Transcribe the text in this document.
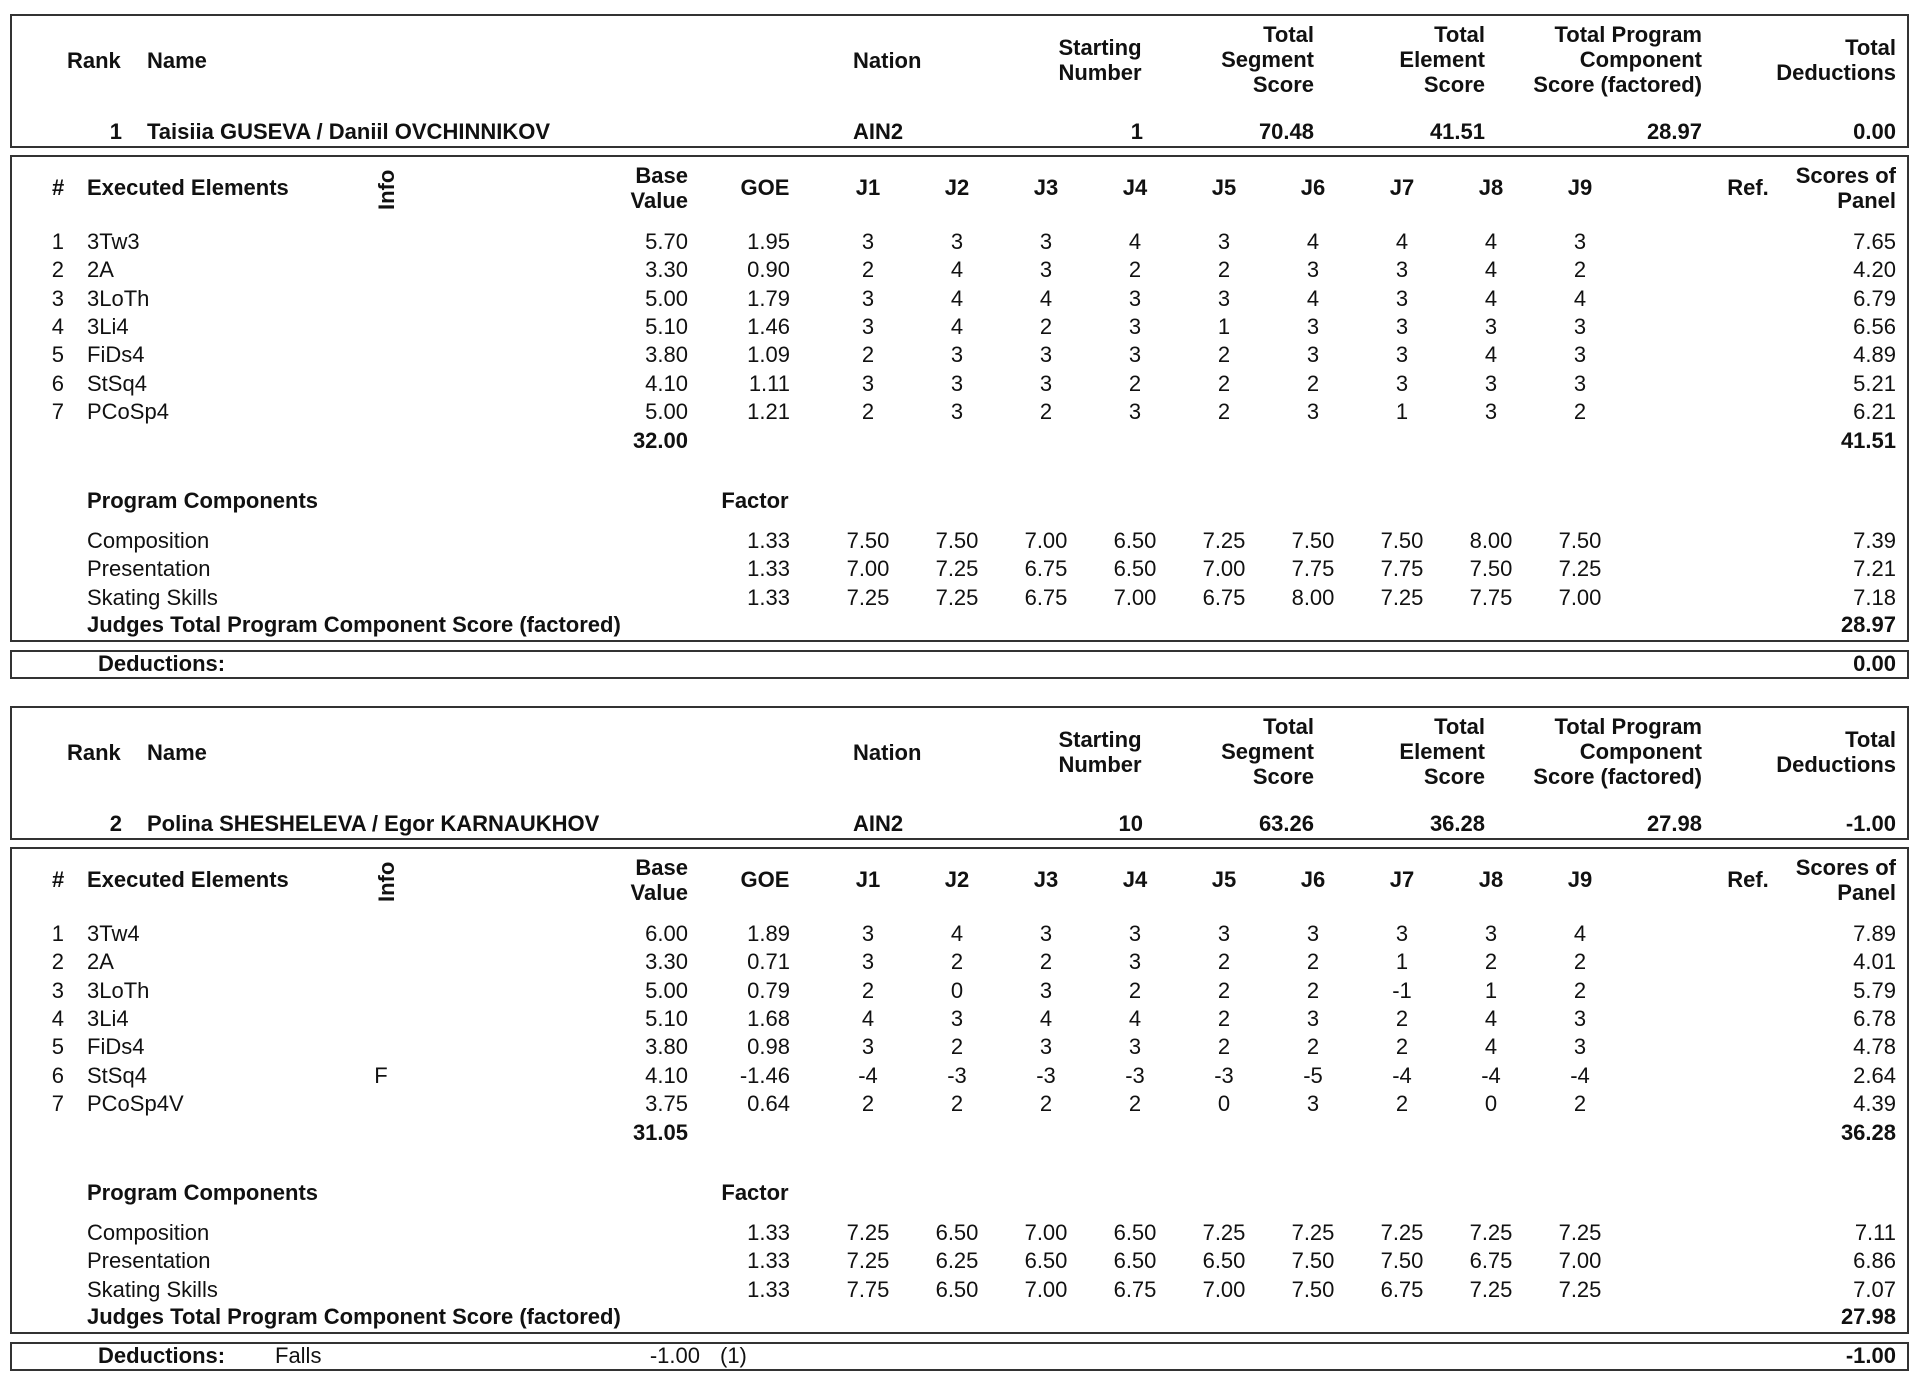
Rank Name	Nation
Starting
Number
Total
Segment
Score
Total
Element
Score
Total Program
Component
Score (factored)
Total
Deductions
1 Taisiia GUSEVA / Daniil OVCHINNIKOV	AIN2	1	70.48	41.51	28.97	0.00
# Executed Elements	Info	Base
Value
GOE	J1	J2	J3	J4	J5	J6	J7	J8	J9	Ref.	Scores of
Panel
1 3Tw3	5.70	1.95	3	3	3	4	3	4	4	4	3	7.65
2 2A	3.30	0.90	2	4	3	2	2	3	3	4	2	4.20
3 3LoTh	5.00	1.79	3	4	4	3	3	4	3	4	4	6.79
4 3Li4	5.10	1.46	3	4	2	3	1	3	3	3	3	6.56
5 FiDs4	3.80	1.09	2	3	3	3	2	3	3	4	3	4.89
6 StSq4	4.10	1.11	3	3	3	2	2	2	3	3	3	5.21
7 PCoSp4	5.00	1.21	2	3	2	3	2	3	1	3	2	6.21
32.00	41.51
Program Components	Factor
Composition	1.33	7.50	7.50	7.00	6.50	7.25	7.50	7.50	8.00	7.50	7.39
Presentation	1.33	7.00	7.25	6.75	6.50	7.00	7.75	7.75	7.50	7.25	7.21
Skating Skills	1.33	7.25	7.25	6.75	7.00	6.75	8.00	7.25	7.75	7.00	7.18
Judges Total Program Component Score (factored)	28.97
Deductions:	0.00
Rank Name	Nation
Starting
Number
Total
Segment
Score
Total
Element
Score
Total Program
Component
Score (factored)
Total
Deductions
2 Polina SHESHELEVA / Egor KARNAUKHOV	AIN2	10	63.26	36.28	27.98	-1.00
# Executed Elements	Info	Base
Value
GOE	J1	J2	J3	J4	J5	J6	J7	J8	J9	Ref.	Scores of
Panel
1 3Tw4	6.00	1.89	3	4	3	3	3	3	3	3	4	7.89
2 2A	3.30	0.71	3	2	2	3	2	2	1	2	2	4.01
3 3LoTh	5.00	0.79	2	0	3	2	2	2	-1	1	2	5.79
4 3Li4	5.10	1.68	4	3	4	4	2	3	2	4	3	6.78
5 FiDs4	3.80	0.98	3	2	3	3	2	2	2	4	3	4.78
6 StSq4	F	4.10	-1.46	-4	-3	-3	-3	-3	-5	-4	-4	-4	2.64
7 PCoSp4V	3.75	0.64	2	2	2	2	0	3	2	0	2	4.39
31.05	36.28
Program Components	Factor
Composition	1.33	7.25	6.50	7.00	6.50	7.25	7.25	7.25	7.25	7.25	7.11
Presentation	1.33	7.25	6.25	6.50	6.50	6.50	7.50	7.50	6.75	7.00	6.86
Skating Skills	1.33	7.75	6.50	7.00	6.75	7.00	7.50	6.75	7.25	7.25	7.07
Judges Total Program Component Score (factored)	27.98
Deductions: Falls	-1.00 (1)	-1.00
